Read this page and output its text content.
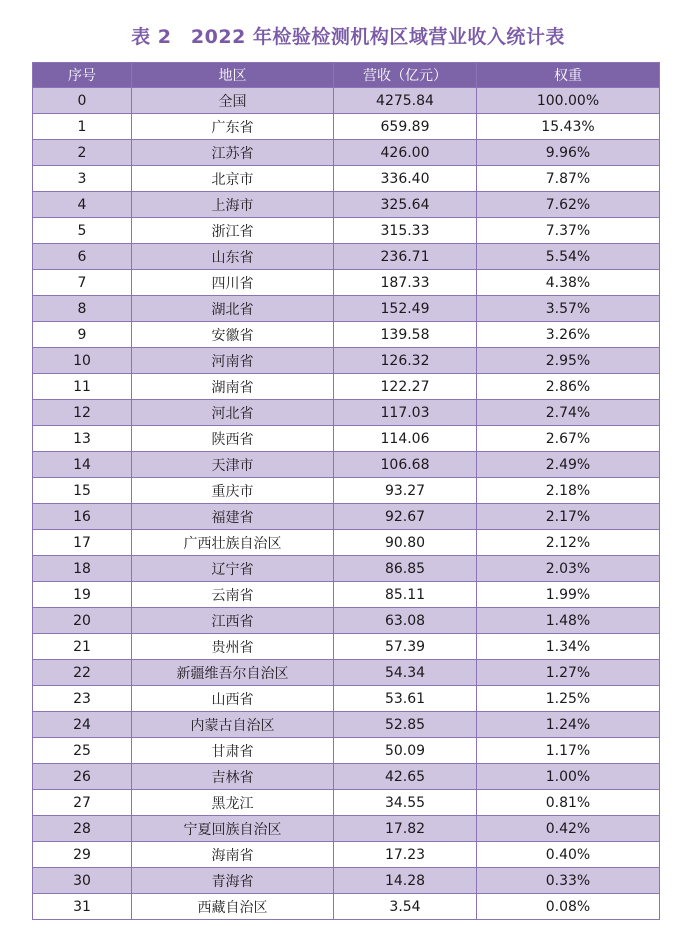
表 2　2022 年检验检测机构区域营业收入统计表
序号	地区	营收（亿元）	权重
0	全国	4275.84	100.00%
1	广东省	659.89	15.43%
2	江苏省	426.00	9.96%
3	北京市	336.40	7.87%
4	上海市	325.64	7.62%
5	浙江省	315.33	7.37%
6	山东省	236.71	5.54%
7	四川省	187.33	4.38%
8	湖北省	152.49	3.57%
9	安徽省	139.58	3.26%
10	河南省	126.32	2.95%
11	湖南省	122.27	2.86%
12	河北省	117.03	2.74%
13	陕西省	114.06	2.67%
14	天津市	106.68	2.49%
15	重庆市	93.27	2.18%
16	福建省	92.67	2.17%
17	广西壮族自治区	90.80	2.12%
18	辽宁省	86.85	2.03%
19	云南省	85.11	1.99%
20	江西省	63.08	1.48%
21	贵州省	57.39	1.34%
22	新疆维吾尔自治区	54.34	1.27%
23	山西省	53.61	1.25%
24	内蒙古自治区	52.85	1.24%
25	甘肃省	50.09	1.17%
26	吉林省	42.65	1.00%
27	黑龙江	34.55	0.81%
28	宁夏回族自治区	17.82	0.42%
29	海南省	17.23	0.40%
30	青海省	14.28	0.33%
31	西藏自治区	3.54	0.08%
